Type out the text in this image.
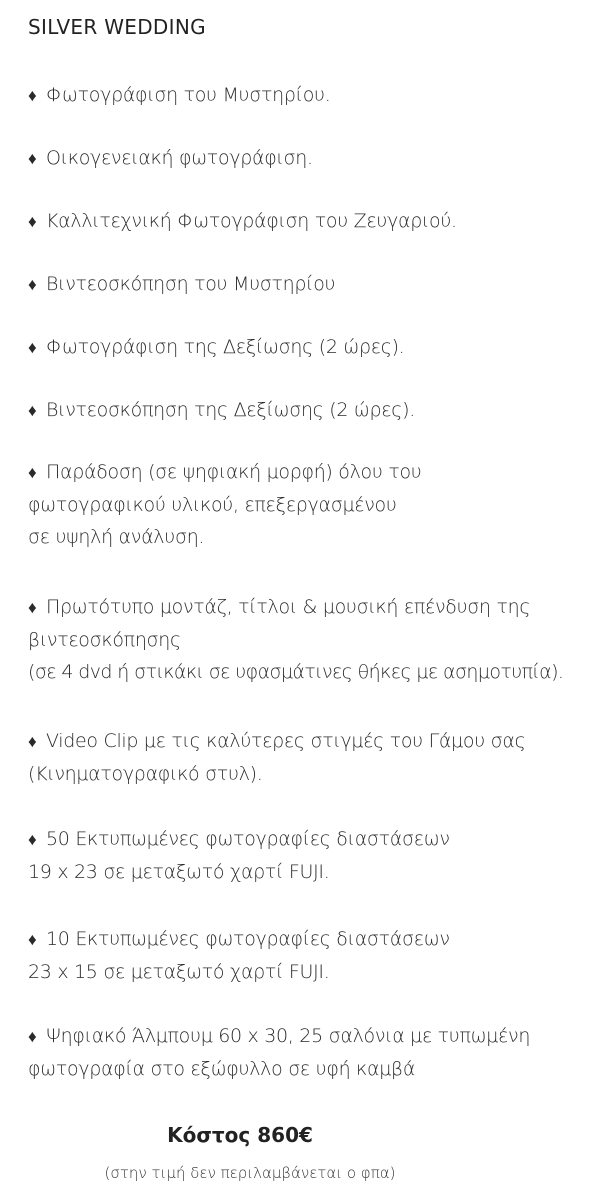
SILVER WEDDING
♦ Φωτογράφιση του Μυστηρίου.
♦ Οικογενειακή φωτογράφιση.
♦ Καλλιτεχνική Φωτογράφιση του Ζευγαριού.
♦ Βιντεοσκόπηση του Μυστηρίου
♦ Φωτογράφιση της Δεξίωσης (2 ώρες).
♦ Βιντεοσκόπηση της Δεξίωσης (2 ώρες).
♦ Παράδοση (σε ψηφιακή μορφή) όλου του
φωτογραφικού υλικού, επεξεργασμένου
σε υψηλή ανάλυση.
♦ Πρωτότυπο μοντάζ, τίτλοι & μουσική επένδυση της
βιντεοσκόπησης
(σε 4 dvd ή στικάκι σε υφασμάτινες θήκες με ασημοτυπία).
♦ Video Clip με τις καλύτερες στιγμές του Γάμου σας
(Κινηματογραφικό στυλ).
♦ 50 Εκτυπωμένες φωτογραφίες διαστάσεων
19 x 23 σε μεταξωτό χαρτί FUJI.
♦ 10 Εκτυπωμένες φωτογραφίες διαστάσεων
23 x 15 σε μεταξωτό χαρτί FUJI.
♦ Ψηφιακό Άλμπουμ 60 x 30, 25 σαλόνια με τυπωμένη
φωτογραφία στο εξώφυλλο σε υφή καμβά
Κόστος 860€
(στην τιμή δεν περιλαμβάνεται ο φπα)
